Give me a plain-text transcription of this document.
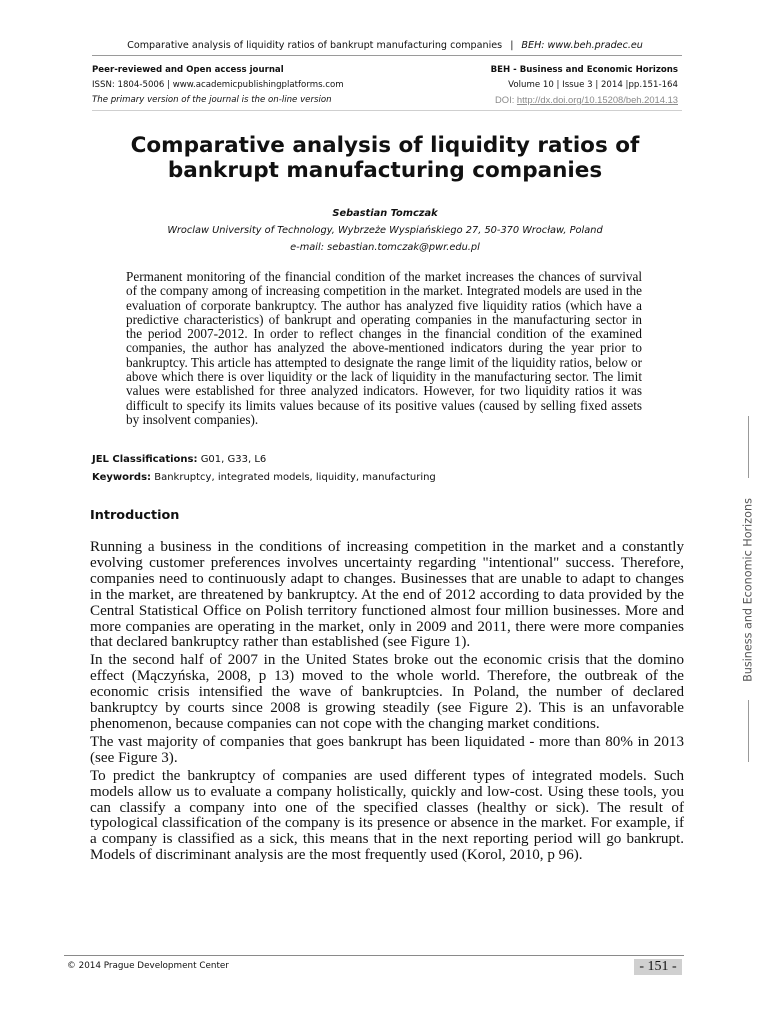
Comparative analysis of liquidity ratios of bankrupt manufacturing companies | BEH: www.beh.pradec.eu
Peer-reviewed and Open access journal
ISSN: 1804-5006 | www.academicpublishingplatforms.com
The primary version of the journal is the on-line version
BEH - Business and Economic Horizons
Volume 10 | Issue 3 | 2014 |pp.151-164
DOI: http://dx.doi.org/10.15208/beh.2014.13
Comparative analysis of liquidity ratios of
bankrupt manufacturing companies
Sebastian Tomczak
Wroclaw University of Technology, Wybrzeże Wyspiańskiego 27, 50-370 Wrocław, Poland
e-mail: sebastian.tomczak@pwr.edu.pl
Permanent monitoring of the financial condition of the market increases the chances of survival of the company among of increasing competition in the market. Integrated models are used in the evaluation of corporate bankruptcy. The author has analyzed five liquidity ratios (which have a predictive characteristics) of bankrupt and operating companies in the manufacturing sector in the period 2007-2012. In order to reflect changes in the financial condition of the examined companies, the author has analyzed the above-mentioned indicators during the year prior to bankruptcy. This article has attempted to designate the range limit of the liquidity ratios, below or above which there is over liquidity or the lack of liquidity in the manufacturing sector. The limit values were established for three analyzed indicators. However, for two liquidity ratios it was difficult to specify its limits values because of its positive values (caused by selling fixed assets by insolvent companies).
JEL Classifications: G01, G33, L6
Keywords: Bankruptcy, integrated models, liquidity, manufacturing
Introduction

Running a business in the conditions of increasing competition in the market and a constantly evolving customer preferences involves uncertainty regarding "intentional" success. Therefore, companies need to continuously adapt to changes. Businesses that are unable to adapt to changes in the market, are threatened by bankruptcy. At the end of 2012 according to data provided by the Central Statistical Office on Polish territory functioned almost four million businesses. More and more companies are operating in the market, only in 2009 and 2011, there were more companies that declared bankruptcy rather than established (see Figure 1).

In the second half of 2007 in the United States broke out the economic crisis that the domino effect (Mączyńska, 2008, p 13) moved to the whole world. Therefore, the outbreak of the economic crisis intensified the wave of bankruptcies. In Poland, the number of declared bankruptcy by courts since 2008 is growing steadily (see Figure 2). This is an unfavorable phenomenon, because companies can not cope with the changing market conditions.

The vast majority of companies that goes bankrupt has been liquidated - more than 80% in 2013 (see Figure 3).

To predict the bankruptcy of companies are used different types of integrated models. Such models allow us to evaluate a company holistically, quickly and low-cost. Using these tools, you can classify a company into one of the specified classes (healthy or sick). The result of typological classification of the company is its presence or absence in the market. For example, if a company is classified as a sick, this means that in the next reporting period will go bankrupt. Models of discriminant analysis are the most frequently used (Korol, 2010, p 96).

Business and Economic Horizons
© 2014 Prague Development Center	- 151 -
